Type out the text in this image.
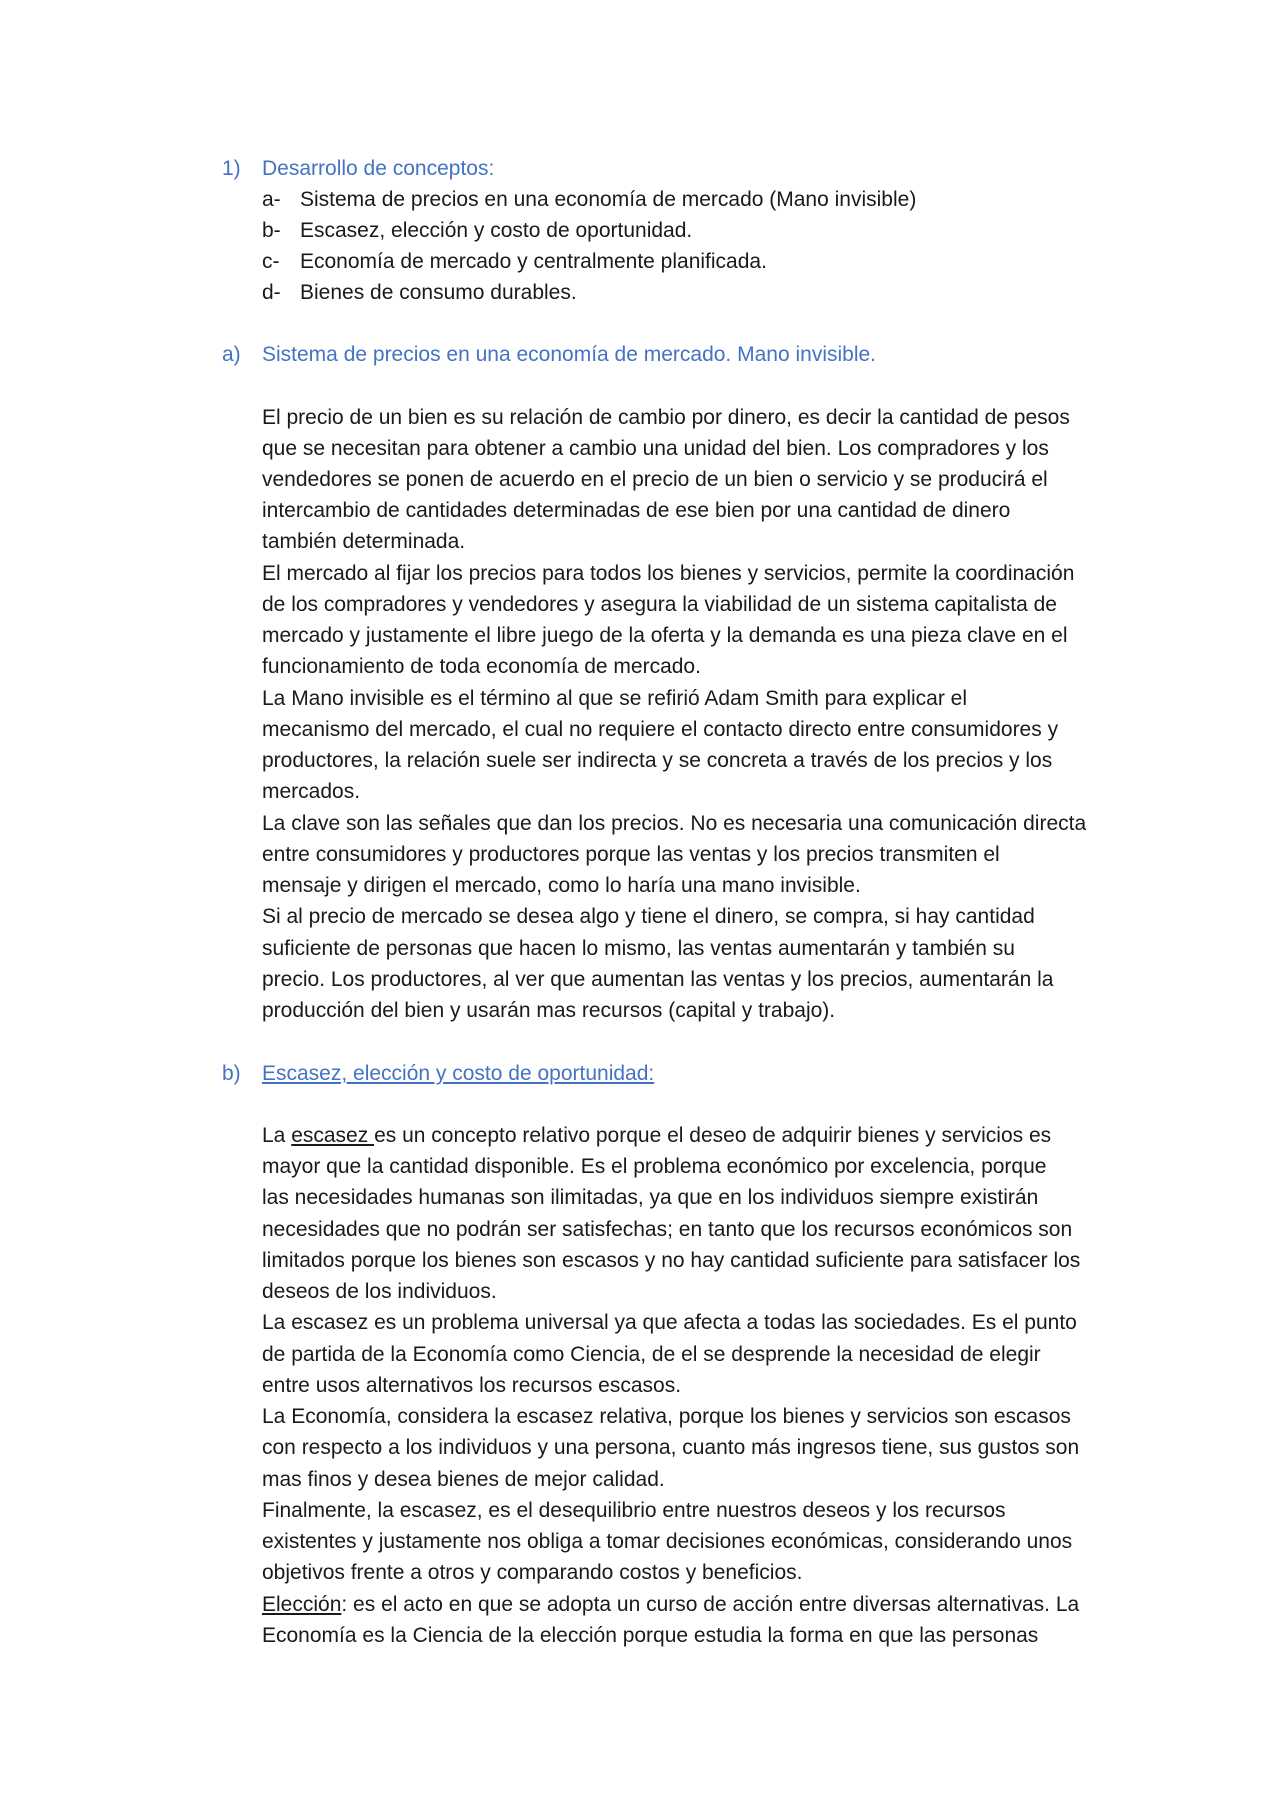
1) Desarrollo de conceptos:
a- Sistema de precios en una economía de mercado (Mano invisible)
b- Escasez, elección y costo de oportunidad.
c- Economía de mercado y centralmente planificada.
d- Bienes de consumo durables.
a) Sistema de precios en una economía de mercado. Mano invisible.
El precio de un bien es su relación de cambio por dinero, es decir la cantidad de pesos
que se necesitan para obtener a cambio una unidad del bien. Los compradores y los
vendedores se ponen de acuerdo en el precio de un bien o servicio y se producirá el
intercambio de cantidades determinadas de ese bien por una cantidad de dinero
también determinada.
El mercado al fijar los precios para todos los bienes y servicios, permite la coordinación
de los compradores y vendedores y asegura la viabilidad de un sistema capitalista de
mercado y justamente el libre juego de la oferta y la demanda es una pieza clave en el
funcionamiento de toda economía de mercado.
La Mano invisible es el término al que se refirió Adam Smith para explicar el
mecanismo del mercado, el cual no requiere el contacto directo entre consumidores y
productores, la relación suele ser indirecta y se concreta a través de los precios y los
mercados.
La clave son las señales que dan los precios. No es necesaria una comunicación directa
entre consumidores y productores porque las ventas y los precios transmiten el
mensaje y dirigen el mercado, como lo haría una mano invisible.
Si al precio de mercado se desea algo y tiene el dinero, se compra, si hay cantidad
suficiente de personas que hacen lo mismo, las ventas aumentarán y también su
precio. Los productores, al ver que aumentan las ventas y los precios, aumentarán la
producción del bien y usarán mas recursos (capital y trabajo).
b) Escasez, elección y costo de oportunidad:
La escasez es un concepto relativo porque el deseo de adquirir bienes y servicios es
mayor que la cantidad disponible. Es el problema económico por excelencia, porque
las necesidades humanas son ilimitadas, ya que en los individuos siempre existirán
necesidades que no podrán ser satisfechas; en tanto que los recursos económicos son
limitados porque los bienes son escasos y no hay cantidad suficiente para satisfacer los
deseos de los individuos.
La escasez es un problema universal ya que afecta a todas las sociedades. Es el punto
de partida de la Economía como Ciencia, de el se desprende la necesidad de elegir
entre usos alternativos los recursos escasos.
La Economía, considera la escasez relativa, porque los bienes y servicios son escasos
con respecto a los individuos y una persona, cuanto más ingresos tiene, sus gustos son
mas finos y desea bienes de mejor calidad.
Finalmente, la escasez, es el desequilibrio entre nuestros deseos y los recursos
existentes y justamente nos obliga a tomar decisiones económicas, considerando unos
objetivos frente a otros y comparando costos y beneficios.
Elección: es el acto en que se adopta un curso de acción entre diversas alternativas. La
Economía es la Ciencia de la elección porque estudia la forma en que las personas
